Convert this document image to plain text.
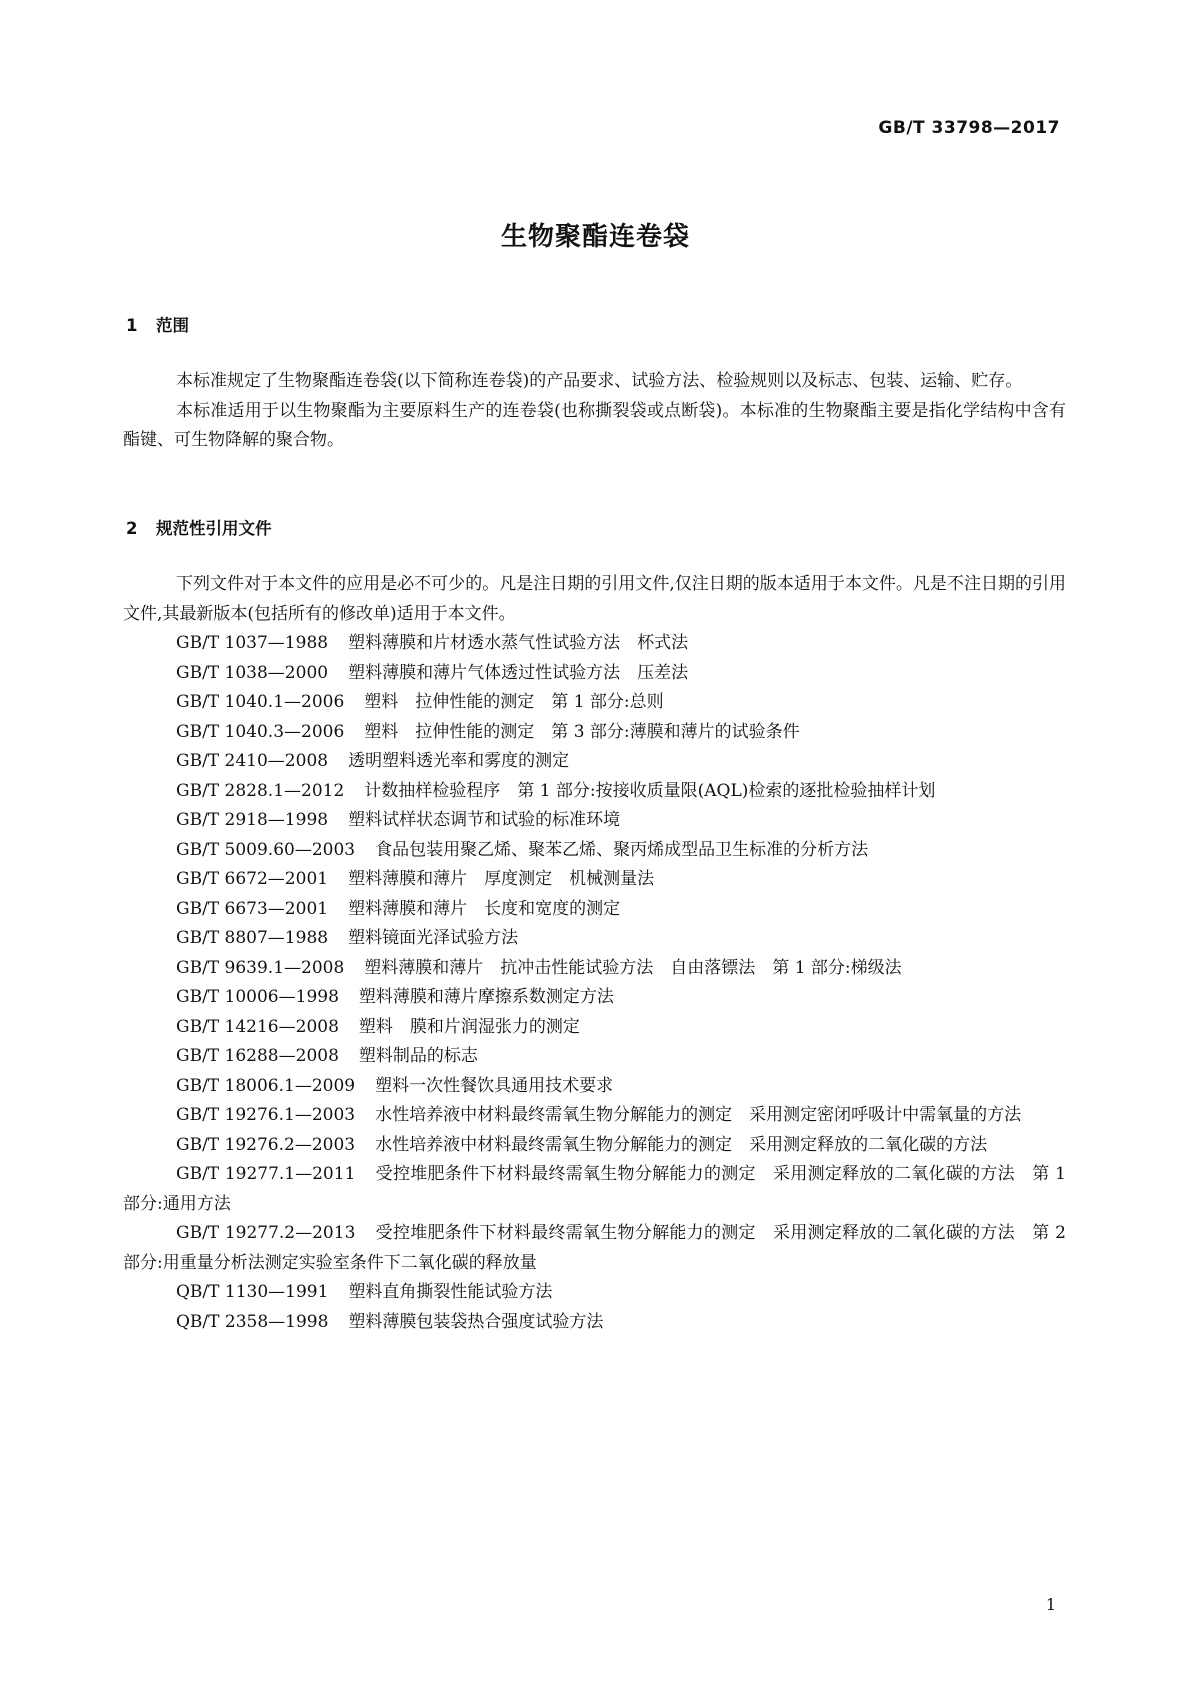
GB/T 33798—2017
生物聚酯连卷袋
1 范围

本标准规定了生物聚酯连卷袋(以下简称连卷袋)的产品要求、试验方法、检验规则以及标志、包装、运输、贮存。

本标准适用于以生物聚酯为主要原料生产的连卷袋(也称撕裂袋或点断袋)。本标准的生物聚酯主要是指化学结构中含有酯键、可生物降解的聚合物。

2 规范性引用文件

下列文件对于本文件的应用是必不可少的。凡是注日期的引用文件,仅注日期的版本适用于本文件。凡是不注日期的引用文件,其最新版本(包括所有的修改单)适用于本文件。

GB/T 1037—1988 塑料薄膜和片材透水蒸气性试验方法　杯式法
GB/T 1038—2000 塑料薄膜和薄片气体透过性试验方法　压差法
GB/T 1040.1—2006 塑料　拉伸性能的测定　第 1 部分:总则
GB/T 1040.3—2006 塑料　拉伸性能的测定　第 3 部分:薄膜和薄片的试验条件
GB/T 2410—2008 透明塑料透光率和雾度的测定
GB/T 2828.1—2012 计数抽样检验程序　第 1 部分:按接收质量限(AQL)检索的逐批检验抽样计划
GB/T 2918—1998 塑料试样状态调节和试验的标准环境
GB/T 5009.60—2003 食品包装用聚乙烯、聚苯乙烯、聚丙烯成型品卫生标准的分析方法
GB/T 6672—2001 塑料薄膜和薄片　厚度测定　机械测量法
GB/T 6673—2001 塑料薄膜和薄片　长度和宽度的测定
GB/T 8807—1988 塑料镜面光泽试验方法
GB/T 9639.1—2008 塑料薄膜和薄片　抗冲击性能试验方法　自由落镖法　第 1 部分:梯级法
GB/T 10006—1998 塑料薄膜和薄片摩擦系数测定方法
GB/T 14216—2008 塑料　膜和片润湿张力的测定
GB/T 16288—2008 塑料制品的标志
GB/T 18006.1—2009 塑料一次性餐饮具通用技术要求
GB/T 19276.1—2003 水性培养液中材料最终需氧生物分解能力的测定　采用测定密闭呼吸计中需氧量的方法
GB/T 19276.2—2003 水性培养液中材料最终需氧生物分解能力的测定　采用测定释放的二氧化碳的方法
GB/T 19277.1—2011 受控堆肥条件下材料最终需氧生物分解能力的测定　采用测定释放的二氧化碳的方法　第 1 部分:通用方法
GB/T 19277.2—2013 受控堆肥条件下材料最终需氧生物分解能力的测定　采用测定释放的二氧化碳的方法　第 2 部分:用重量分析法测定实验室条件下二氧化碳的释放量
QB/T 1130—1991 塑料直角撕裂性能试验方法
QB/T 2358—1998 塑料薄膜包装袋热合强度试验方法
1
